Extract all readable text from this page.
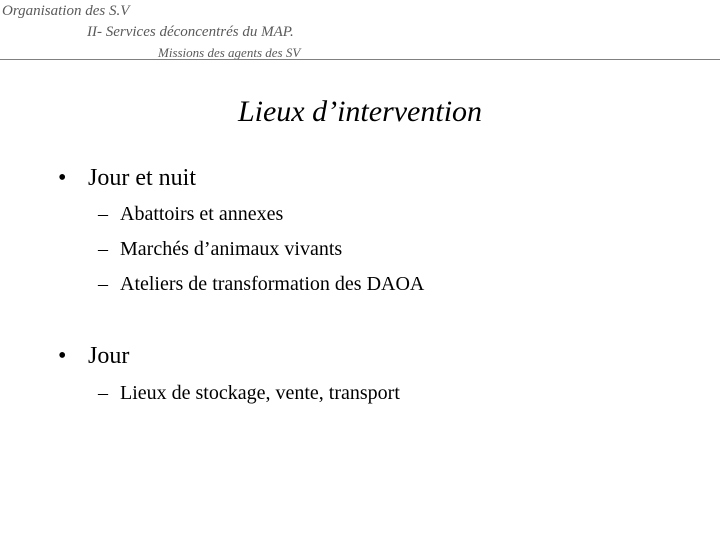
Organisation des S.V
II- Services déconcentrés du MAP.
Missions des agents des SV
Lieux d’intervention
• Jour et nuit
– Abattoirs et annexes
– Marchés d’animaux vivants
– Ateliers de transformation des DAOA
• Jour
– Lieux de stockage, vente, transport
